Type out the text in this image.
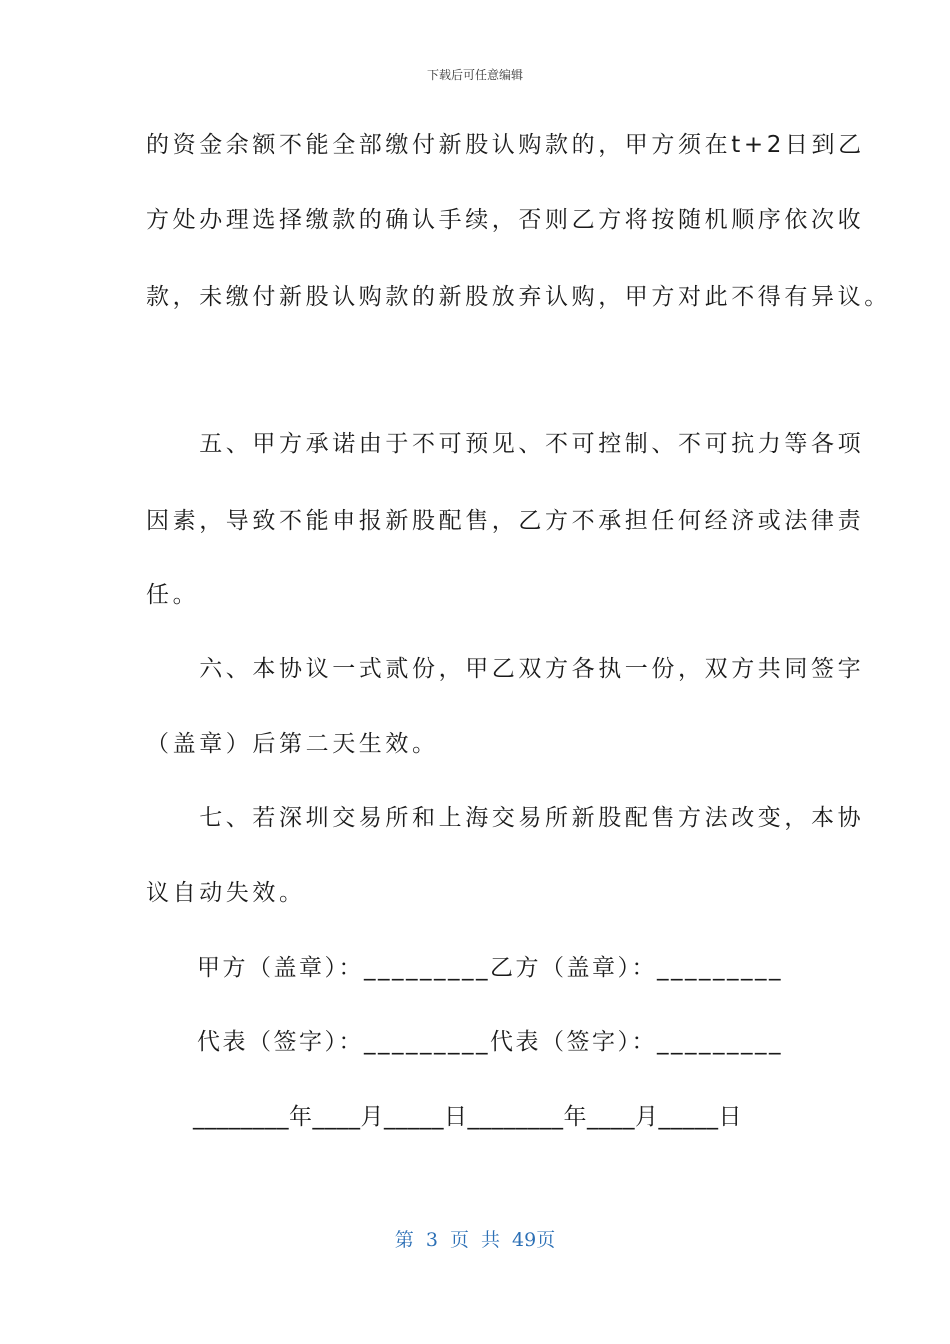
下载后可任意编辑
的资金余额不能全部缴付新股认购款的，甲方须在t+2日到乙
方处办理选择缴款的确认手续，否则乙方将按随机顺序依次收
款，未缴付新股认购款的新股放弃认购，甲方对此不得有异议。
　　五、甲方承诺由于不可预见、不可控制、不可抗力等各项
因素，导致不能申报新股配售，乙方不承担任何经济或法律责
任。
　　六、本协议一式贰份，甲乙双方各执一份，双方共同签字
（盖章）后第二天生效。
　　七、若深圳交易所和上海交易所新股配售方法改变，本协
议自动失效。
　　甲方（盖章）：_________乙方（盖章）：_________
　　代表（签字）：_________代表（签字）：_________
　　________年____月_____日________年____月_____日
第 3 页 共 49页
